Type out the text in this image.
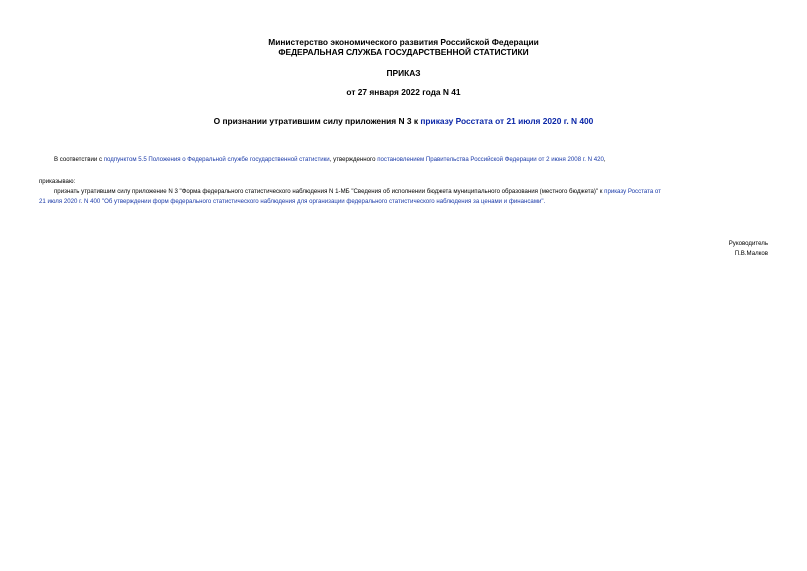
Министерство экономического развития Российской Федерации
ФЕДЕРАЛЬНАЯ СЛУЖБА ГОСУДАРСТВЕННОЙ СТАТИСТИКИ
ПРИКАЗ
от 27 января 2022 года N 41
О признании утратившим силу приложения N 3 к приказу Росстата от 21 июля 2020 г. N 400
В соответствии с подпунктом 5.5 Положения о Федеральной службе государственной статистики, утвержденного постановлением Правительства Российской Федерации от 2 июня 2008 г. N 420,
приказываю:
признать утратившим силу приложение N 3 "Форма федерального статистического наблюдения N 1-МБ "Сведения об исполнении бюджета муниципального образования (местного бюджета)" к приказу Росстата от
21 июля 2020 г. N 400 "Об утверждении форм федерального статистического наблюдения для организации федерального статистического наблюдения за ценами и финансами".
Руководитель
П.В.Малков
